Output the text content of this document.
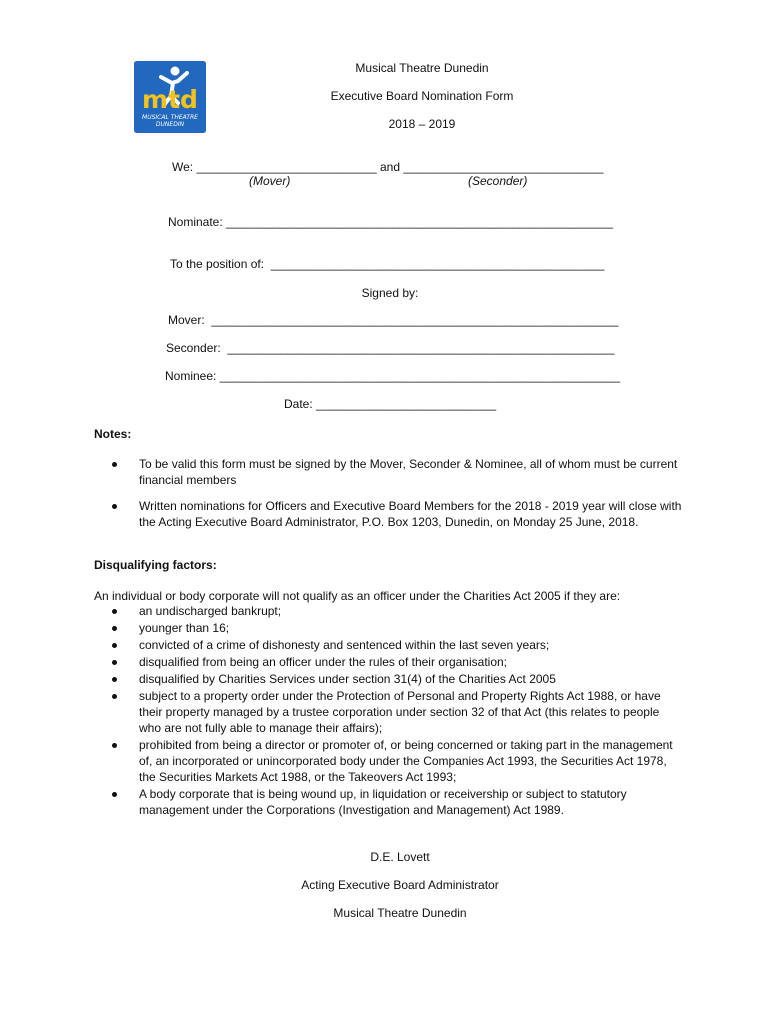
mtd
MUSICAL THEATRE
DUNEDIN
Musical Theatre Dunedin
Executive Board Nomination Form
2018 – 2019
We: ___________________________ and ______________________________
(Mover)	(Seconder)
Nominate: __________________________________________________________
To the position of:  __________________________________________________
Signed by:
Mover:  _____________________________________________________________
Seconder:  __________________________________________________________
Nominee: ____________________________________________________________
Date: ___________________________
Notes:
To be valid this form must be signed by the Mover, Seconder & Nominee, all of whom must be current financial members
Written nominations for Officers and Executive Board Members for the 2018 - 2019 year will close with the Acting Executive Board Administrator, P.O. Box 1203, Dunedin, on Monday 25 June, 2018.
Disqualifying factors:
An individual or body corporate will not qualify as an officer under the Charities Act 2005 if they are:
an undischarged bankrupt;
younger than 16;
convicted of a crime of dishonesty and sentenced within the last seven years;
disqualified from being an officer under the rules of their organisation;
disqualified by Charities Services under section 31(4) of the Charities Act 2005
subject to a property order under the Protection of Personal and Property Rights Act 1988, or have their property managed by a trustee corporation under section 32 of that Act (this relates to people who are not fully able to manage their affairs);
prohibited from being a director or promoter of, or being concerned or taking part in the management of, an incorporated or unincorporated body under the Companies Act 1993, the Securities Act 1978, the Securities Markets Act 1988, or the Takeovers Act 1993;
A body corporate that is being wound up, in liquidation or receivership or subject to statutory management under the Corporations (Investigation and Management) Act 1989.
D.E. Lovett
Acting Executive Board Administrator
Musical Theatre Dunedin
